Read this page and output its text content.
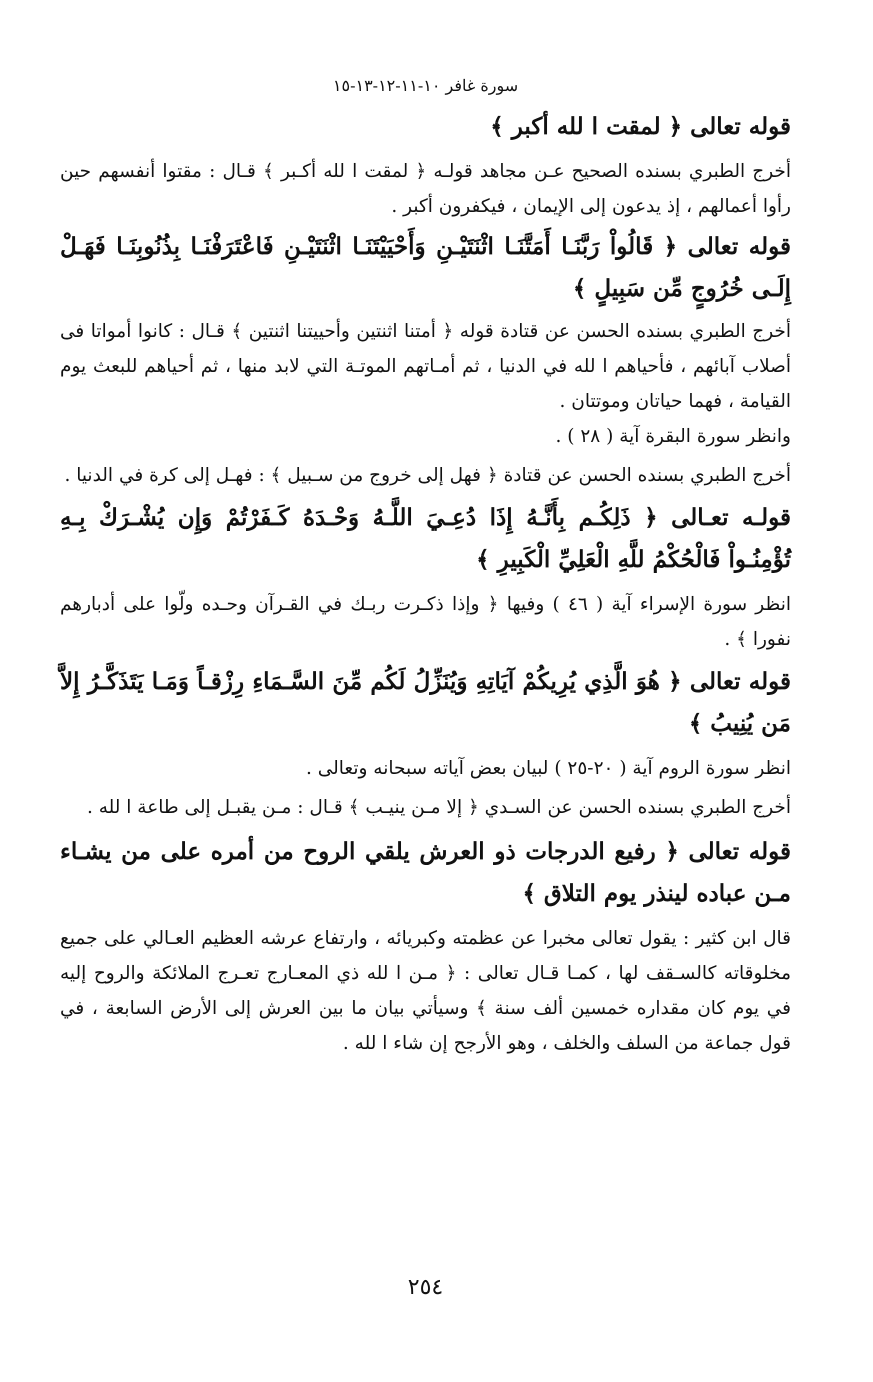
سورة غافر ١٠-١١-١٢-١٣-١٥

قوله تعالى ﴿ لمقت ا لله أكبر ﴾

أخرج الطبري بسنده الصحيح عـن مجاهد قولـه ﴿ لمقت ا لله أكـبر ﴾ قـال : مقتوا أنفسهم حين رأوا أعمالهم ، إذ يدعون إلى الإيمان ، فيكفرون أكبر .

قوله تعالى ﴿ قَالُواْ رَبَّنَـا أَمَتَّنَـا اثْنَتَيْـنِ وَأَحْيَيْتَنَـا اثْنَتَيْـنِ فَاعْتَرَفْنَـا بِذُنُوبِنَـا فَهَـلْ إِلَـى خُرُوجٍ مِّن سَبِيلٍ ﴾

أخرج الطبري بسنده الحسن عن قتادة قوله ﴿ أمتنا اثنتين وأحييتنا اثنتين ﴾ قـال : كانوا أمواتا فى أصلاب آبائهم ، فأحياهم ا لله في الدنيا ، ثم أمـاتهم الموتـة التي لابد منها ، ثم أحياهم للبعث يوم القيامة ، فهما حياتان وموتتان .

وانظر سورة البقرة آية ( ٢٨ ) .

أخرج الطبري بسنده الحسن عن قتادة ﴿ فهل إلى خروج من سـبيل ﴾ : فهـل إلى كرة في الدنيا .

قولـه تعـالى ﴿ ذَلِكُـم بِأَنَّـهُ إِذَا دُعِـيَ اللَّـهُ وَحْـدَهُ كَـفَرْتُمْ وَإِن يُشْـرَكْ بِـهِ تُؤْمِنُـواْ فَالْحُكْمُ للَّهِ الْعَلِيِّ الْكَبِيرِ ﴾

انظر سورة الإسراء آية ( ٤٦ ) وفيها ﴿ وإذا ذكـرت ربـك في القـرآن وحـده ولّوا على أدبارهم نفورا ﴾ .

قوله تعالى ﴿ هُوَ الَّذِي يُرِيكُمْ آيَاتِهِ وَيُنَزِّلُ لَكُم مِّنَ السَّـمَاءِ رِزْقـاً وَمَـا يَتَذَكَّـرُ إِلاَّ مَن يُنِيبُ ﴾

انظر سورة الروم آية ( ٢٠-٢٥ ) لبيان بعض آياته سبحانه وتعالى .

أخرج الطبري بسنده الحسن عن السـدي ﴿ إلا مـن ينيـب ﴾ قـال : مـن يقبـل إلى طاعة ا لله .

قوله تعالى ﴿ رفيع الدرجات ذو العرش يلقي الروح من أمره على من يشـاء مـن عباده لينذر يوم التلاق ﴾

قال ابن كثير : يقول تعالى مخبرا عن عظمته وكبريائه ، وارتفاع عرشه العظيم العـالي على جميع مخلوقاته كالسـقف لها ، كمـا قـال تعالى : ﴿ مـن ا لله ذي المعـارج تعـرج الملائكة والروح إليه في يوم كان مقداره خمسين ألف سنة ﴾ وسيأتي بيان ما بين العرش إلى الأرض السابعة ، في قول جماعة من السلف والخلف ، وهو الأرجح إن شاء ا لله .

٢٥٤
